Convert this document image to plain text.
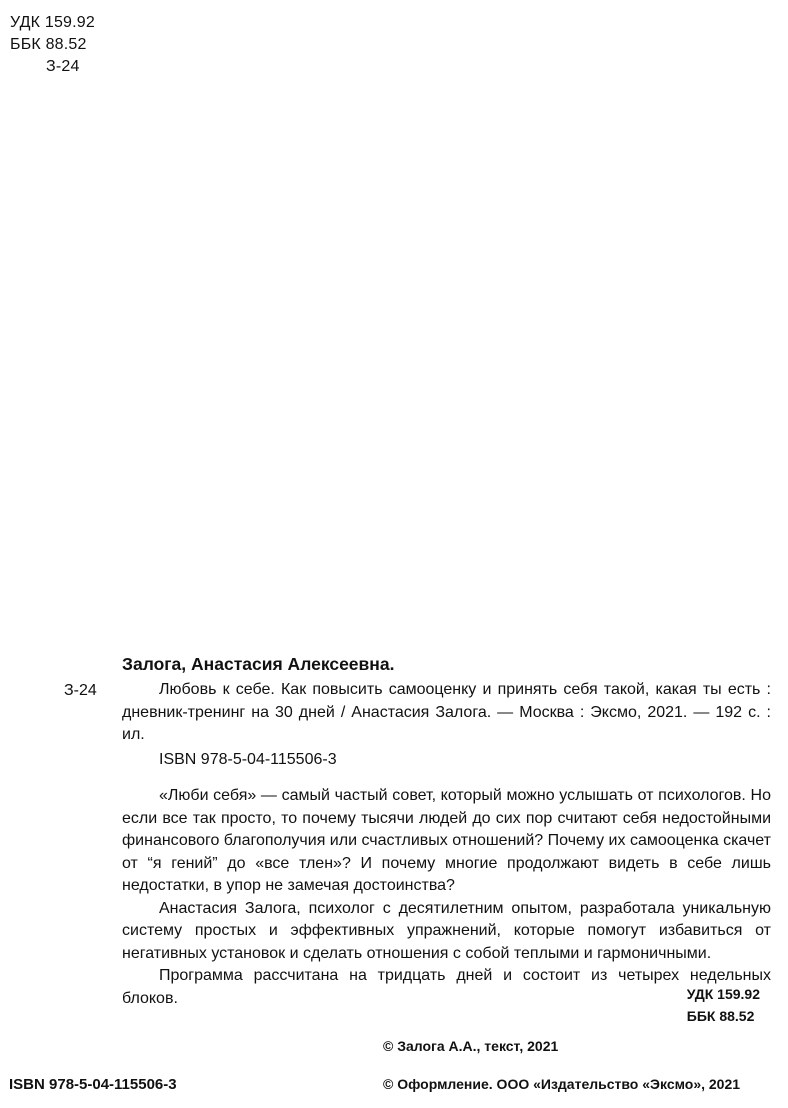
УДК 159.92
ББК 88.52
З-24
Залога, Анастасия Алексеевна.
З-24	Любовь к себе. Как повысить самооценку и принять себя такой, какая ты есть : дневник-тренинг на 30 дней / Анастасия Залога. — Москва : Эксмо, 2021. — 192 с. : ил.
ISBN 978-5-04-115506-3

«Люби себя» — самый частый совет, который можно услышать от психологов. Но если все так просто, то почему тысячи людей до сих пор считают себя недостойными финансового благополучия или счастливых отношений? Почему их самооценка скачет от “я гений” до «все тлен»? И почему многие продолжают видеть в себе лишь недостатки, в упор не замечая достоинства?

Анастасия Залога, психолог с десятилетним опытом, разработала уникальную систему простых и эффективных упражнений, которые помогут избавиться от негативных установок и сделать отношения с собой теплыми и гармоничными.

Программа рассчитана на тридцать дней и состоит из четырех недельных блоков.	УДК 159.92
ББК 88.52
ISBN 978-5-04-115506-3
© Залога А.А., текст, 2021
© Оформление. ООО «Издательство «Эксмо», 2021
